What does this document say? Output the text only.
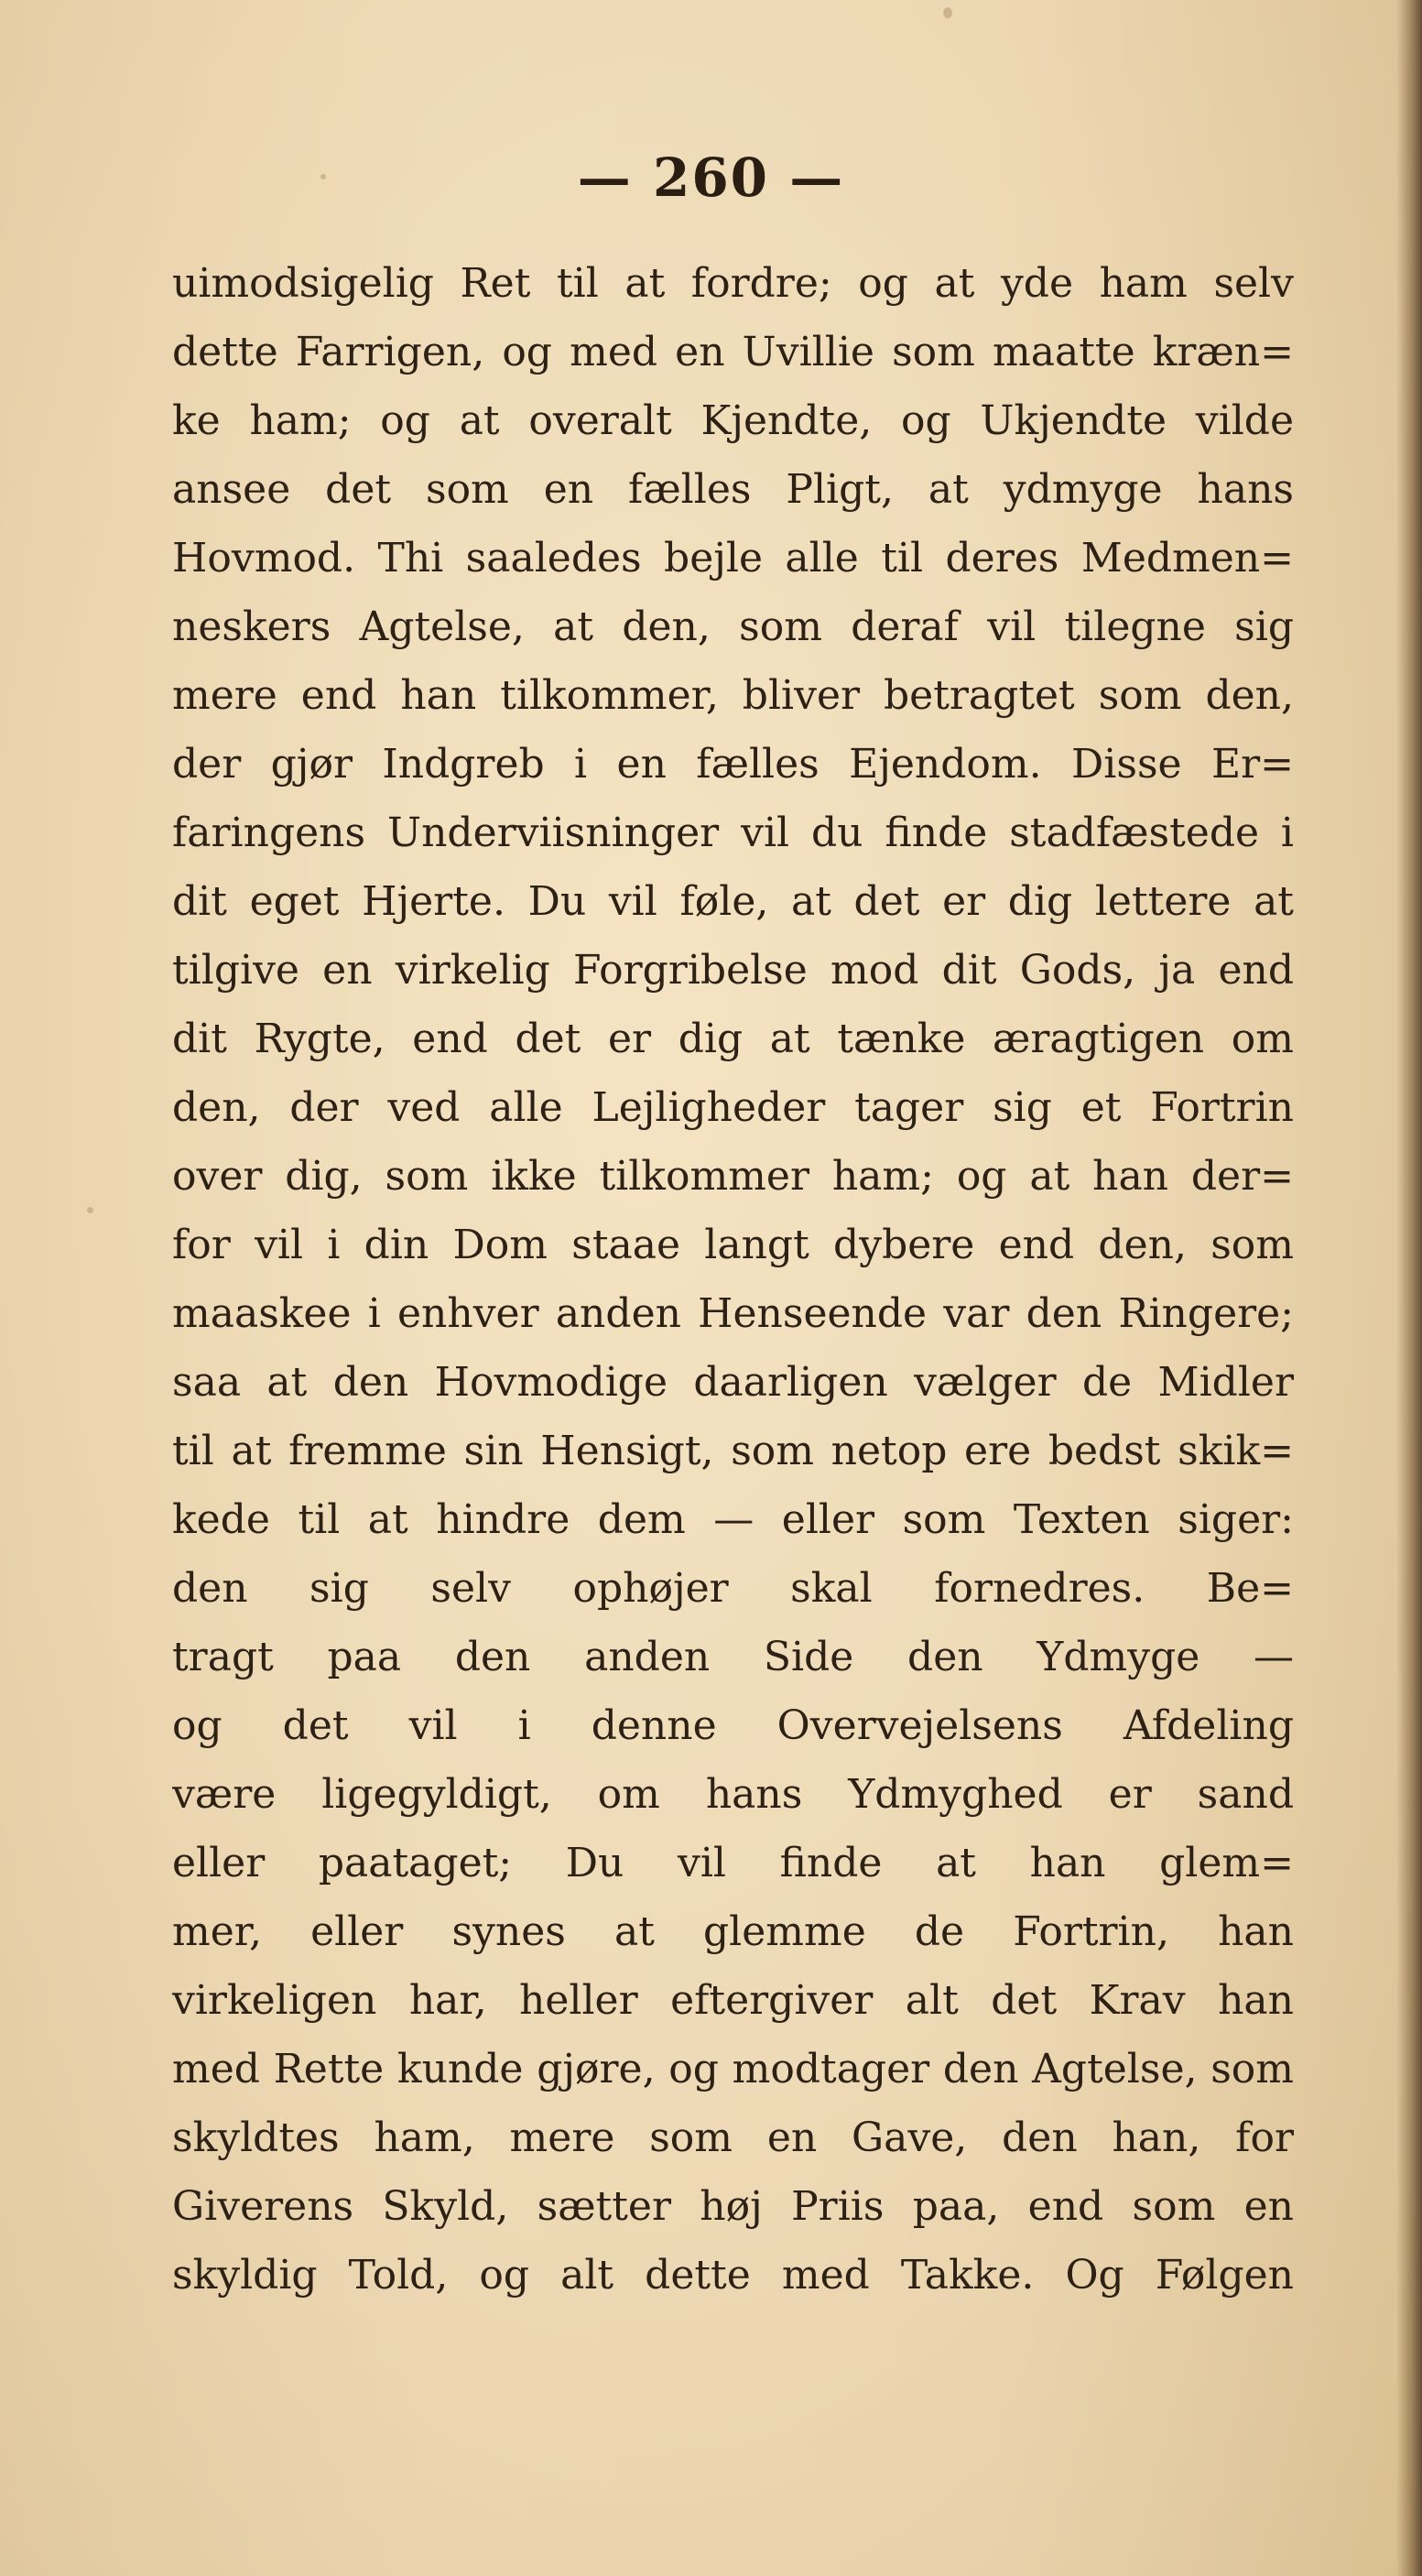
— 260 —
uimodsigelig Ret til at fordre; og at yde ham selv
dette Farrigen, og med en Uvillie som maatte kræn=
ke ham; og at overalt Kjendte, og Ukjendte vilde
ansee det som en fælles Pligt, at ydmyge hans
Hovmod. Thi saaledes bejle alle til deres Medmen=
neskers Agtelse, at den, som deraf vil tilegne sig
mere end han tilkommer, bliver betragtet som den,
der gjør Indgreb i en fælles Ejendom. Disse Er=
faringens Underviisninger vil du finde stadfæstede i
dit eget Hjerte. Du vil føle, at det er dig lettere at
tilgive en virkelig Forgribelse mod dit Gods, ja end
dit Rygte, end det er dig at tænke æragtigen om
den, der ved alle Lejligheder tager sig et Fortrin
over dig, som ikke tilkommer ham; og at han der=
for vil i din Dom staae langt dybere end den, som
maaskee i enhver anden Henseende var den Ringere;
saa at den Hovmodige daarligen vælger de Midler
til at fremme sin Hensigt, som netop ere bedst skik=
kede til at hindre dem — eller som Texten siger:
den sig selv ophøjer skal fornedres. Be=
tragt paa den anden Side den Ydmyge —
og det vil i denne Overvejelsens Afdeling
være ligegyldigt, om hans Ydmyghed er sand
eller paataget; Du vil finde at han glem=
mer, eller synes at glemme de Fortrin, han
virkeligen har, heller eftergiver alt det Krav han
med Rette kunde gjøre, og modtager den Agtelse, som
skyldtes ham, mere som en Gave, den han, for
Giverens Skyld, sætter høj Priis paa, end som en
skyldig Told, og alt dette med Takke. Og Følgen
